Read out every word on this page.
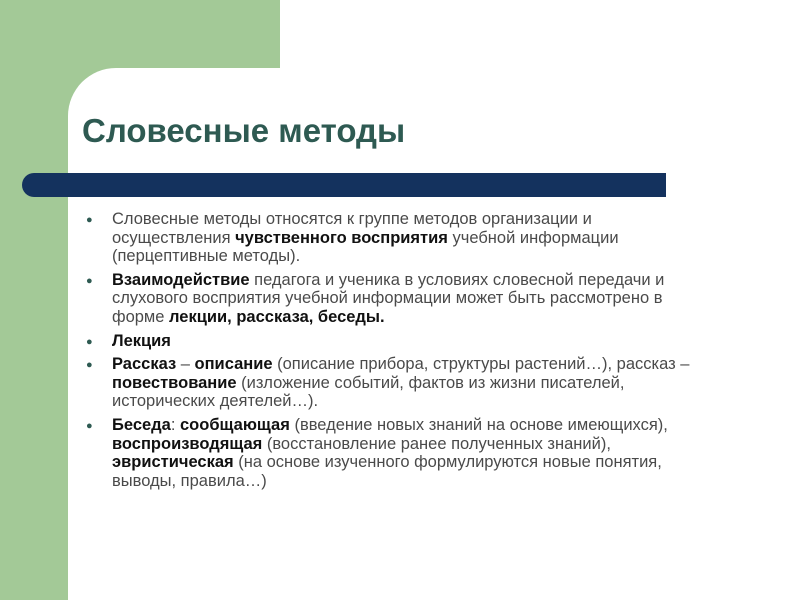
Словесные методы
● Словесные методы относятся к группе методов организации и осуществления чувственного восприятия учебной информации (перцептивные методы).
● Взаимодействие педагога и ученика в условиях словесной передачи и слухового восприятия учебной информации может быть рассмотрено в форме лекции, рассказа, беседы.
● Лекция
● Рассказ – описание (описание прибора, структуры растений…), рассказ – повествование (изложение событий, фактов из жизни писателей, исторических деятелей…).
● Беседа: сообщающая (введение новых знаний на основе имеющихся), воспроизводящая (восстановление ранее полученных знаний), эвристическая (на основе изученного формулируются новые понятия, выводы, правила…)
